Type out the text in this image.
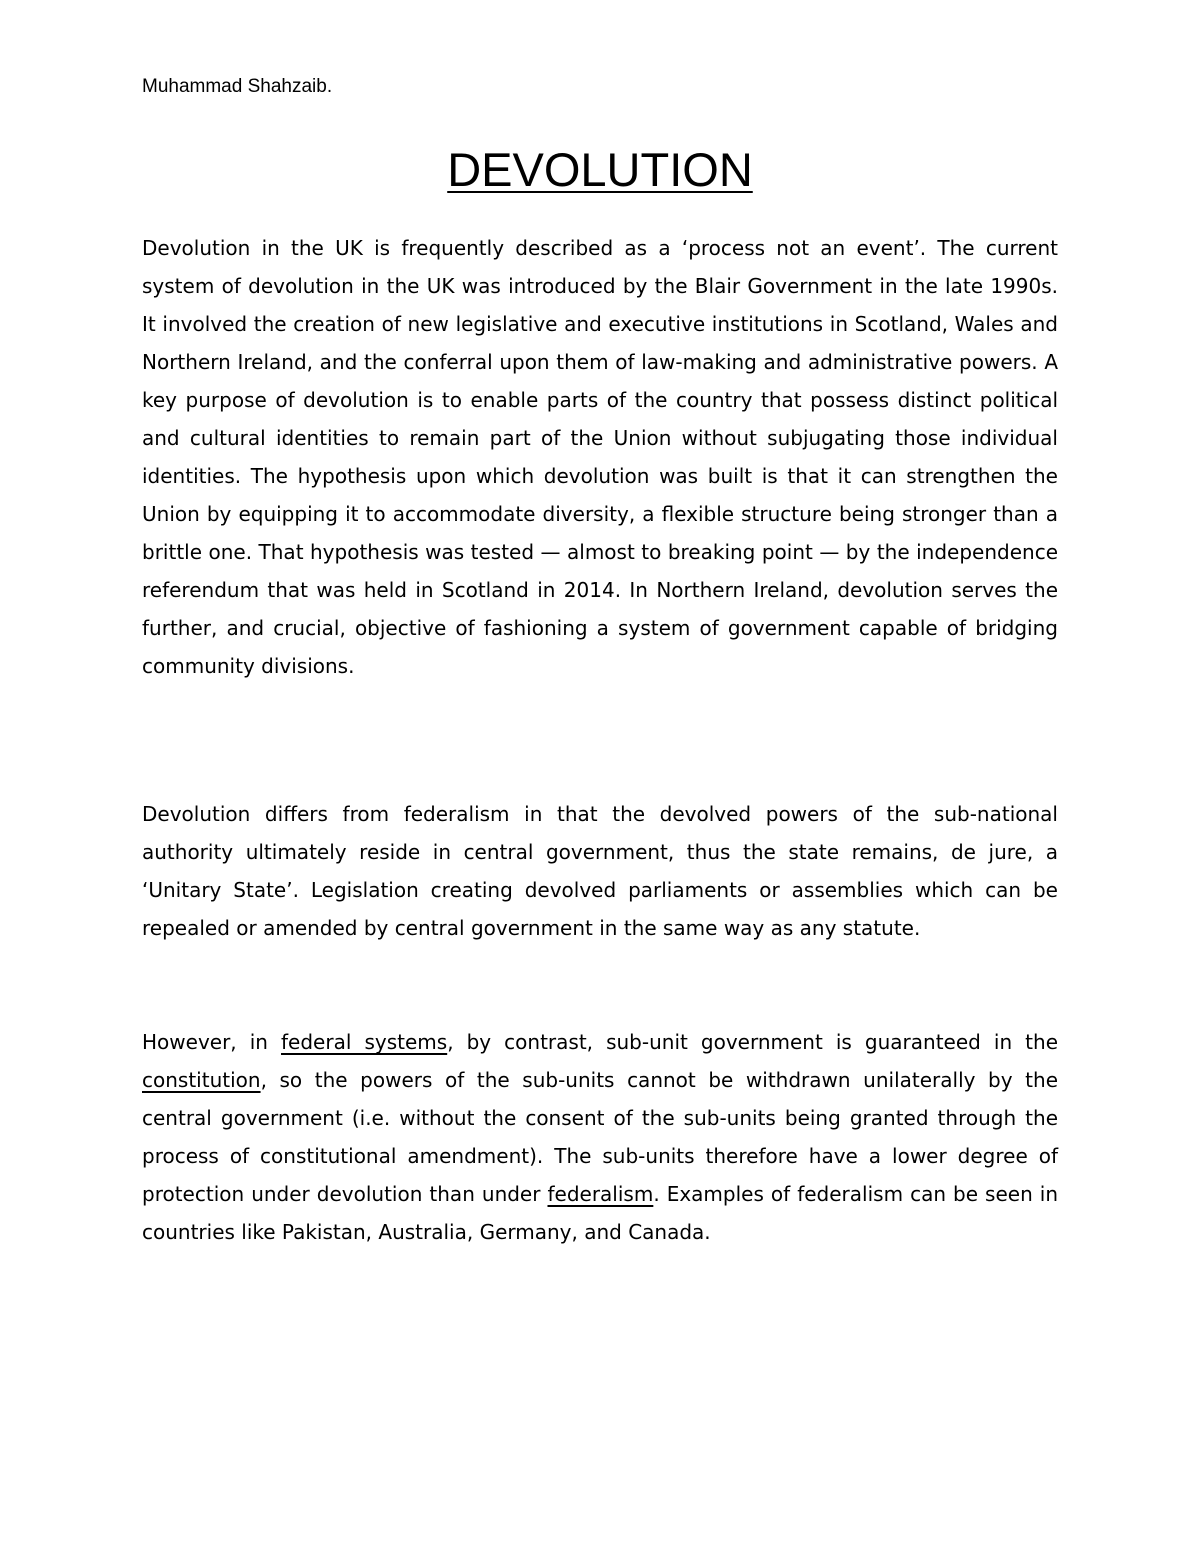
Muhammad Shahzaib.

DEVOLUTION

Devolution in the UK is frequently described as a ‘process not an event’. The current system of devolution in the UK was introduced by the Blair Government in the late 1990s. It involved the creation of new legislative and executive institutions in Scotland, Wales and Northern Ireland, and the conferral upon them of law-making and administrative powers. A key purpose of devolution is to enable parts of the country that possess distinct political and cultural identities to remain part of the Union without subjugating those individual identities. The hypothesis upon which devolution was built is that it can strengthen the Union by equipping it to accommodate diversity, a flexible structure being stronger than a brittle one. That hypothesis was tested — almost to breaking point — by the independence referendum that was held in Scotland in 2014. In Northern Ireland, devolution serves the further, and crucial, objective of fashioning a system of government capable of bridging community divisions.

Devolution differs from federalism in that the devolved powers of the sub-national authority ultimately reside in central government, thus the state remains, de jure, a ‘Unitary State’. Legislation creating devolved parliaments or assemblies which can be repealed or amended by central government in the same way as any statute.

However, in federal systems, by contrast, sub-unit government is guaranteed in the constitution, so the powers of the sub-units cannot be withdrawn unilaterally by the central government (i.e. without the consent of the sub-units being granted through the process of constitutional amendment). The sub-units therefore have a lower degree of protection under devolution than under federalism. Examples of federalism can be seen in countries like Pakistan, Australia, Germany, and Canada.
